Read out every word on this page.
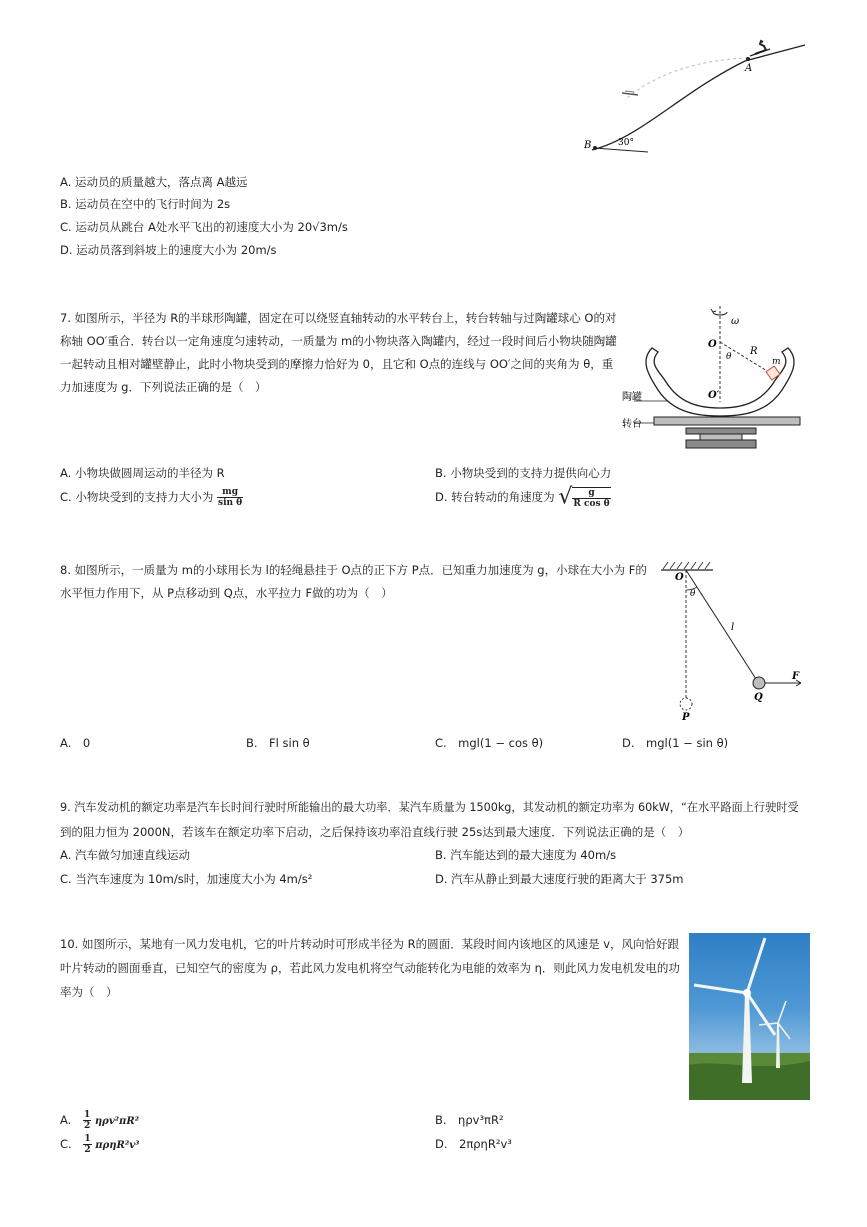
A
B	30°
A. 运动员的质量越大，落点离 A越远
B. 运动员在空中的飞行时间为 2s
C. 运动员从跳台 A处水平飞出的初速度大小为 20√3m/s
D. 运动员落到斜坡上的速度大小为 20m/s
7. 如图所示，半径为 R的半球形陶罐，固定在可以绕竖直轴转动的水平转台上，转台转轴与过陶罐球心 O的对
称轴 OO′重合．转台以一定角速度匀速转动，一质量为 m的小物块落入陶罐内，经过一段时间后小物块随陶罐
一起转动且相对罐壁静止，此时小物块受到的摩擦力恰好为 0，且它和 O点的连线与 OO′之间的夹角为 θ，重
力加速度为 g．下列说法正确的是（　）
ω
O
θ R
m
O′
陶罐
转台
A. 小物块做圆周运动的半径为 R	B. 小物块受到的支持力提供向心力
C. 小物块受到的支持力大小为 $\frac{mg}{\text{sin θ}}$	D. 转台转动的角速度为 √ $\frac{g}{\text{R cos θ}}$
8. 如图所示，一质量为 m的小球用长为 l的轻绳悬挂于 O点的正下方 P点．已知重力加速度为 g，小球在大小为 F的
水平恒力作用下，从 P点移动到 Q点，水平拉力 F做的功为（　）
O
θ
l
F
Q
P
A.　0	B.　Fl sin θ	C.　mgl(1 − cos θ)	D.　mgl(1 − sin θ)
9. 汽车发动机的额定功率是汽车长时间行驶时所能输出的最大功率．某汽车质量为 1500kg，其发动机的额定功率为 60kW，“在水平路面上行驶时受
到的阻力恒为 2000N，若该车在额定功率下启动，之后保持该功率沿直线行驶 25s达到最大速度．下列说法正确的是（　）
A. 汽车做匀加速直线运动	B. 汽车能达到的最大速度为 40m/s
C. 当汽车速度为 10m/s时，加速度大小为 4m/s²	D. 汽车从静止到最大速度行驶的距离大于 375m
10. 如图所示，某地有一风力发电机，它的叶片转动时可形成半径为 R的圆面．某段时间内该地区的风速是 v，风向恰好跟
叶片转动的圆面垂直，已知空气的密度为 ρ，若此风力发电机将空气动能转化为电能的效率为 η．则此风力发电机发电的功
率为（　）
A. $\frac{1}{2} \eta\rho v^2\pi R^2$	B.　ηρv³πR²
C. $\frac{1}{2} \pi\rho\eta R^2v^3$	D.　2πρηR²v³
